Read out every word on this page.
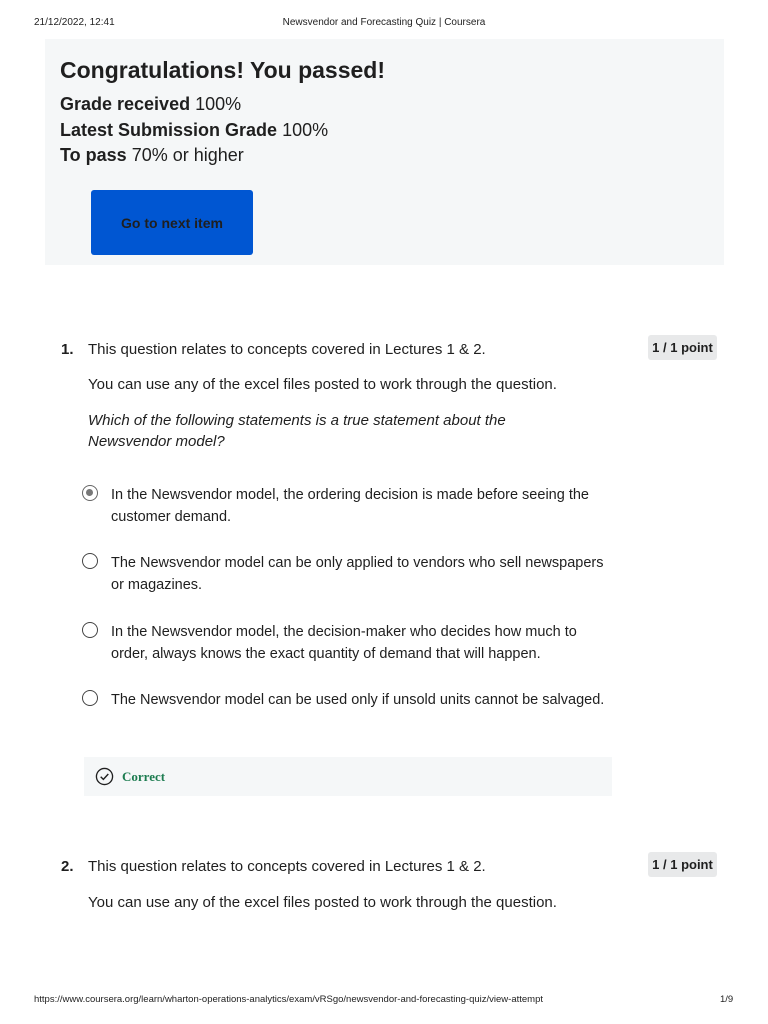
21/12/2022, 12:41	Newsvendor and Forecasting Quiz | Coursera
Congratulations! You passed!
Grade received 100%
Latest Submission Grade 100%
To pass 70% or higher
Go to next item
1. This question relates to concepts covered in Lectures 1 & 2.	1 / 1 point
You can use any of the excel files posted to work through the question.
Which of the following statements is a true statement about the Newsvendor model?
In the Newsvendor model, the ordering decision is made before seeing the customer demand.
The Newsvendor model can be only applied to vendors who sell newspapers or magazines.
In the Newsvendor model, the decision-maker who decides how much to order, always knows the exact quantity of demand that will happen.
The Newsvendor model can be used only if unsold units cannot be salvaged.
Correct
2. This question relates to concepts covered in Lectures 1 & 2.	1 / 1 point
You can use any of the excel files posted to work through the question.
https://www.coursera.org/learn/wharton-operations-analytics/exam/vRSgo/newsvendor-and-forecasting-quiz/view-attempt	1/9
